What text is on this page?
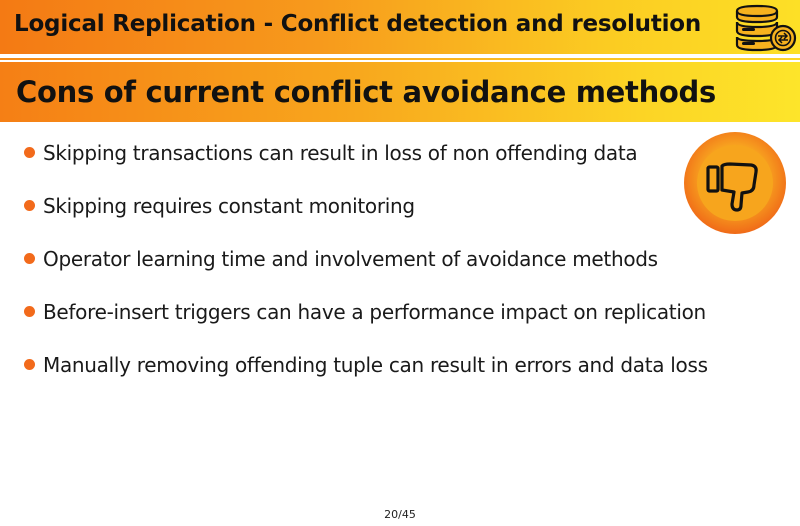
Logical Replication - Conflict detection and resolution
Cons of current conflict avoidance methods
Skipping transactions can result in loss of non offending data
Skipping requires constant monitoring
Operator learning time and involvement of avoidance methods
Before-insert triggers can have a performance impact on replication
Manually removing offending tuple can result in errors and data loss
20/45
